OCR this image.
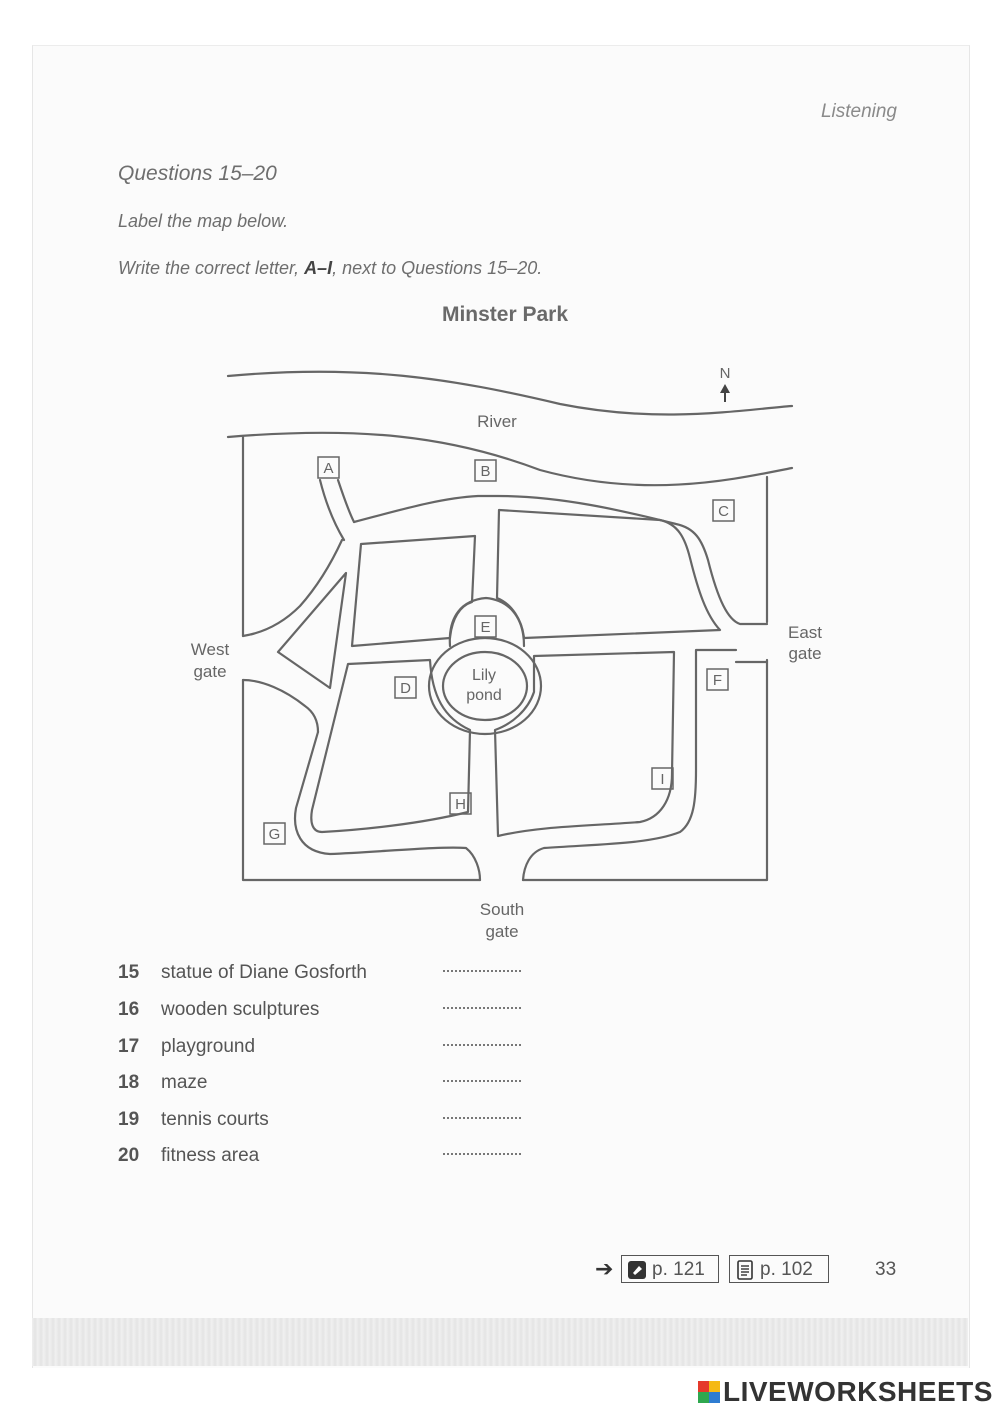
Listening
Questions 15–20
Label the map below.
Write the correct letter, A–I, next to Questions 15–20.
Minster Park
N
River
West
gate
East
gate
South
gate
Lily
pond
A	B
C
D
E
F
G
H
I
15 statue of Diane Gosforth
16 wooden sculptures
17 playground
18 maze
19 tennis courts
20 fitness area
➔	p. 121	p. 102	33
LIVEWORKSHEETS
